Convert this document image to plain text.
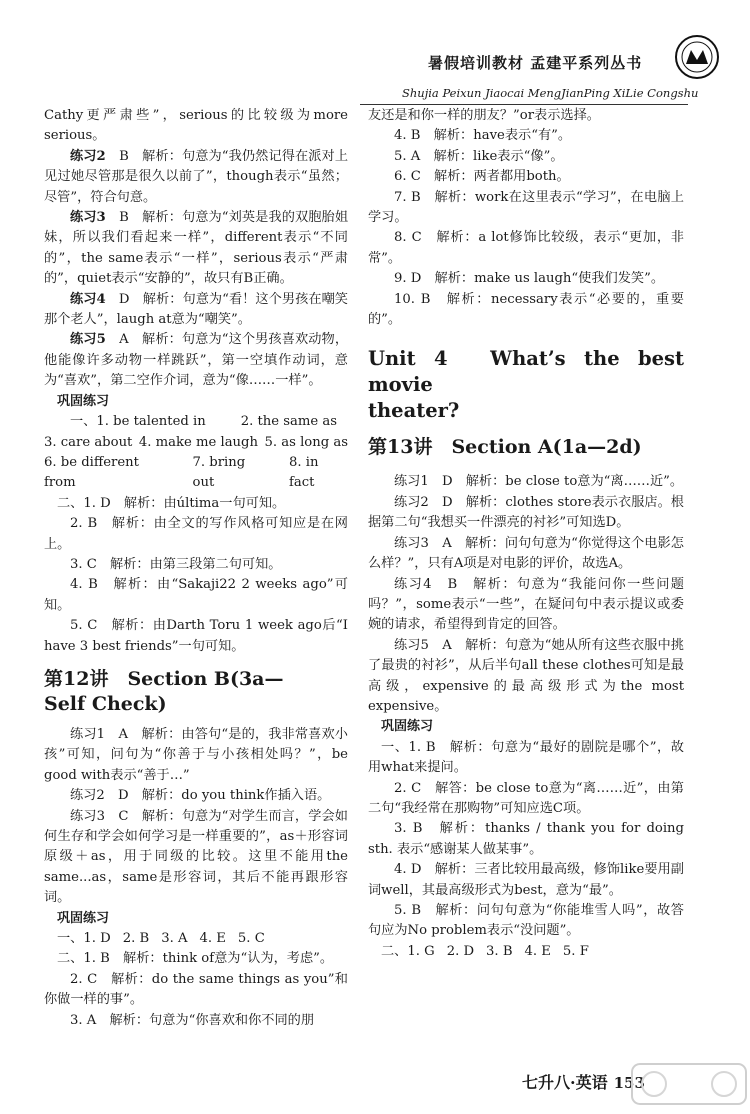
暑假培训教材 孟建平系列丛书
Shujia Peixun Jiaocai MengJianPing XiLie Congshu

Cathy更严肃些”，serious的比较级为more serious。

练习2　 B　解析：句意为“我仍然记得在派对上见过她尽管那是很久以前了”，though表示“虽然；尽管”，符合句意。

练习3　 B　解析：句意为“刘英是我的双胞胎姐妹，所以我们看起来一样”，different表示“不同的”，the same表示“一样”，serious表示“严肃的”，quiet表示“安静的”，故只有B正确。

练习4　 D　解析：句意为“看！这个男孩在嘲笑那个老人”，laugh at意为“嘲笑”。

练习5　 A　解析：句意为“这个男孩喜欢动物，他能像许多动物一样跳跃”，第一空填作动词，意为“喜欢”，第二空作介词，意为“像……一样”。

巩固练习

一、1. be talented in	2. the same as
3. care about 4. make me laugh 5. as long as
6. be different from
7. bring out
8. in fact

二、1. D　解析：由última一句可知。

2. B　解析：由全文的写作风格可知应是在网上。

3. C　解析：由第三段第二句可知。

4. B　解析：由“Sakaji22 2 weeks ago”可知。

5. C　解析：由Darth Toru 1 week ago后“I have 3 best friends”一句可知。

第12讲　Section B(3a—
Self Check)

练习1　A　解析：由答句“是的，我非常喜欢小孩”可知，问句为“你善于与小孩相处吗？”，be good with表示“善于…”

练习2　D　解析：do you think作插入语。

练习3　C　解析：句意为“对学生而言，学会如何生存和学会如何学习是一样重要的”，as＋形容词原级＋as，用于同级的比较。这里不能用the same...as，same是形容词，其后不能再跟形容词。

巩固练习

一、1. D 2. B 3. A 4. E 5. C

二、1. B　解析：think of意为“认为，考虑”。

2. C　解析：do the same things as you”和你做一样的事”。

3. A　解析：句意为“你喜欢和你不同的朋

友还是和你一样的朋友？”or表示选择。

4. B　解析：have表示“有”。

5. A　解析：like表示“像”。

6. C　解析：两者都用both。

7. B　解析：work在这里表示“学习”，在电脑上学习。

8. C　解析：a lot修饰比较级，表示“更加，非常”。

9. D　解析：make us laugh“使我们发笑”。

10. B　解析：necessary表示“必要的，重要的”。

Unit 4　What’s the best movie
theater?

第13讲　Section A(1a—2d)

练习1　D　解析：be close to意为“离……近”。

练习2　D　解析：clothes store表示衣服店。根据第二句“我想买一件漂亮的衬衫”可知选D。

练习3　A　解析：问句句意为“你觉得这个电影怎么样？”，只有A项是对电影的评价，故选A。

练习4　B　解析：句意为“我能问你一些问题吗？”，some表示“一些”，在疑问句中表示提议或委婉的请求，希望得到肯定的回答。

练习5　A　解析：句意为“她从所有这些衣服中挑了最贵的衬衫”，从后半句all these clothes可知是最高级，expensive的最高级形式为the most expensive。

巩固练习

一、1. B　解析：句意为“最好的剧院是哪个”，故用what来提问。

2. C　解答：be close to意为“离……近”，由第二句“我经常在那购物”可知应选C项。

3. B　解析：thanks / thank you for doing sth. 表示“感谢某人做某事”。

4. D　解析：三者比较用最高级，修饰like要用副词well，其最高级形式为best，意为“最”。

5. B　解析：问句句意为“你能堆雪人吗”，故答句应为No problem表示“没问题”。

二、1. G 2. D 3. B 4. E 5. F
七升八·英语 153
